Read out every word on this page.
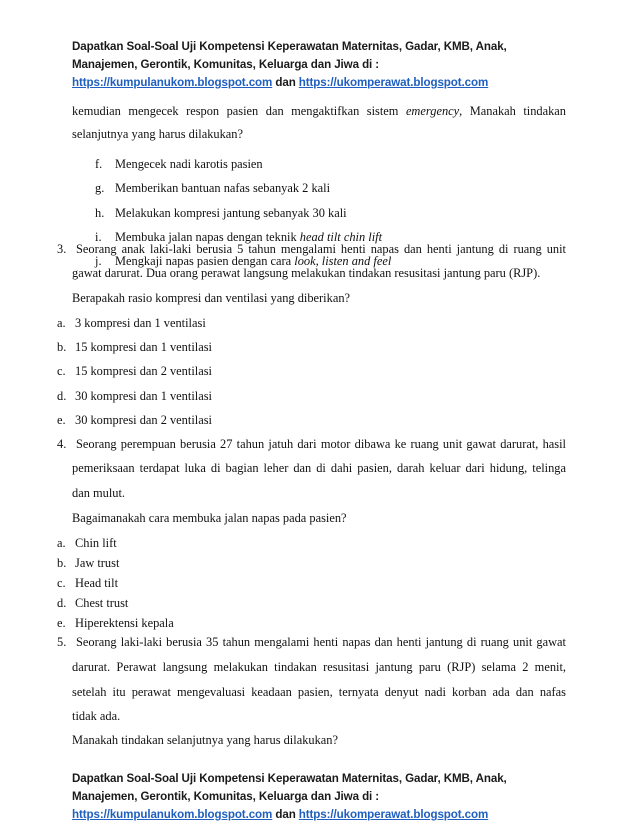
Dapatkan Soal-Soal Uji Kompetensi Keperawatan Maternitas, Gadar, KMB, Anak,
Manajemen, Gerontik, Komunitas, Keluarga dan Jiwa di :
https://kumpulanukom.blogspot.com dan https://ukomperawat.blogspot.com
kemudian mengecek respon pasien dan mengaktifkan sistem emergency, Manakah tindakan
selanjutnya yang harus dilakukan?
f. Mengecek nadi karotis pasien
g. Memberikan bantuan nafas sebanyak 2 kali
h. Melakukan kompresi jantung sebanyak 30 kali
i. Membuka jalan napas dengan teknik head tilt chin lift
j. Mengkaji napas pasien dengan cara look, listen and feel
3. Seorang anak laki-laki berusia 5 tahun mengalami henti napas dan henti jantung di ruang unit
gawat darurat. Dua orang perawat langsung melakukan tindakan resusitasi jantung paru (RJP).
Berapakah rasio kompresi dan ventilasi yang diberikan?
a. 3 kompresi dan 1 ventilasi
b. 15 kompresi dan 1 ventilasi
c. 15 kompresi dan 2 ventilasi
d. 30 kompresi dan 1 ventilasi
e. 30 kompresi dan 2 ventilasi
4. Seorang perempuan berusia 27 tahun jatuh dari motor dibawa ke ruang unit gawat darurat, hasil
pemeriksaan terdapat luka di bagian leher dan di dahi pasien, darah keluar dari hidung, telinga
dan mulut.
Bagaimanakah cara membuka jalan napas pada pasien?
a. Chin lift
b. Jaw trust
c. Head tilt
d. Chest trust
e. Hiperektensi kepala
5. Seorang laki-laki berusia 35 tahun mengalami henti napas dan henti jantung di ruang unit gawat
darurat. Perawat langsung melakukan tindakan resusitasi jantung paru (RJP) selama 2 menit,
setelah itu perawat mengevaluasi keadaan pasien, ternyata denyut nadi korban ada dan nafas
tidak ada.
Manakah tindakan selanjutnya yang harus dilakukan?
Dapatkan Soal-Soal Uji Kompetensi Keperawatan Maternitas, Gadar, KMB, Anak,
Manajemen, Gerontik, Komunitas, Keluarga dan Jiwa di :
https://kumpulanukom.blogspot.com dan https://ukomperawat.blogspot.com
